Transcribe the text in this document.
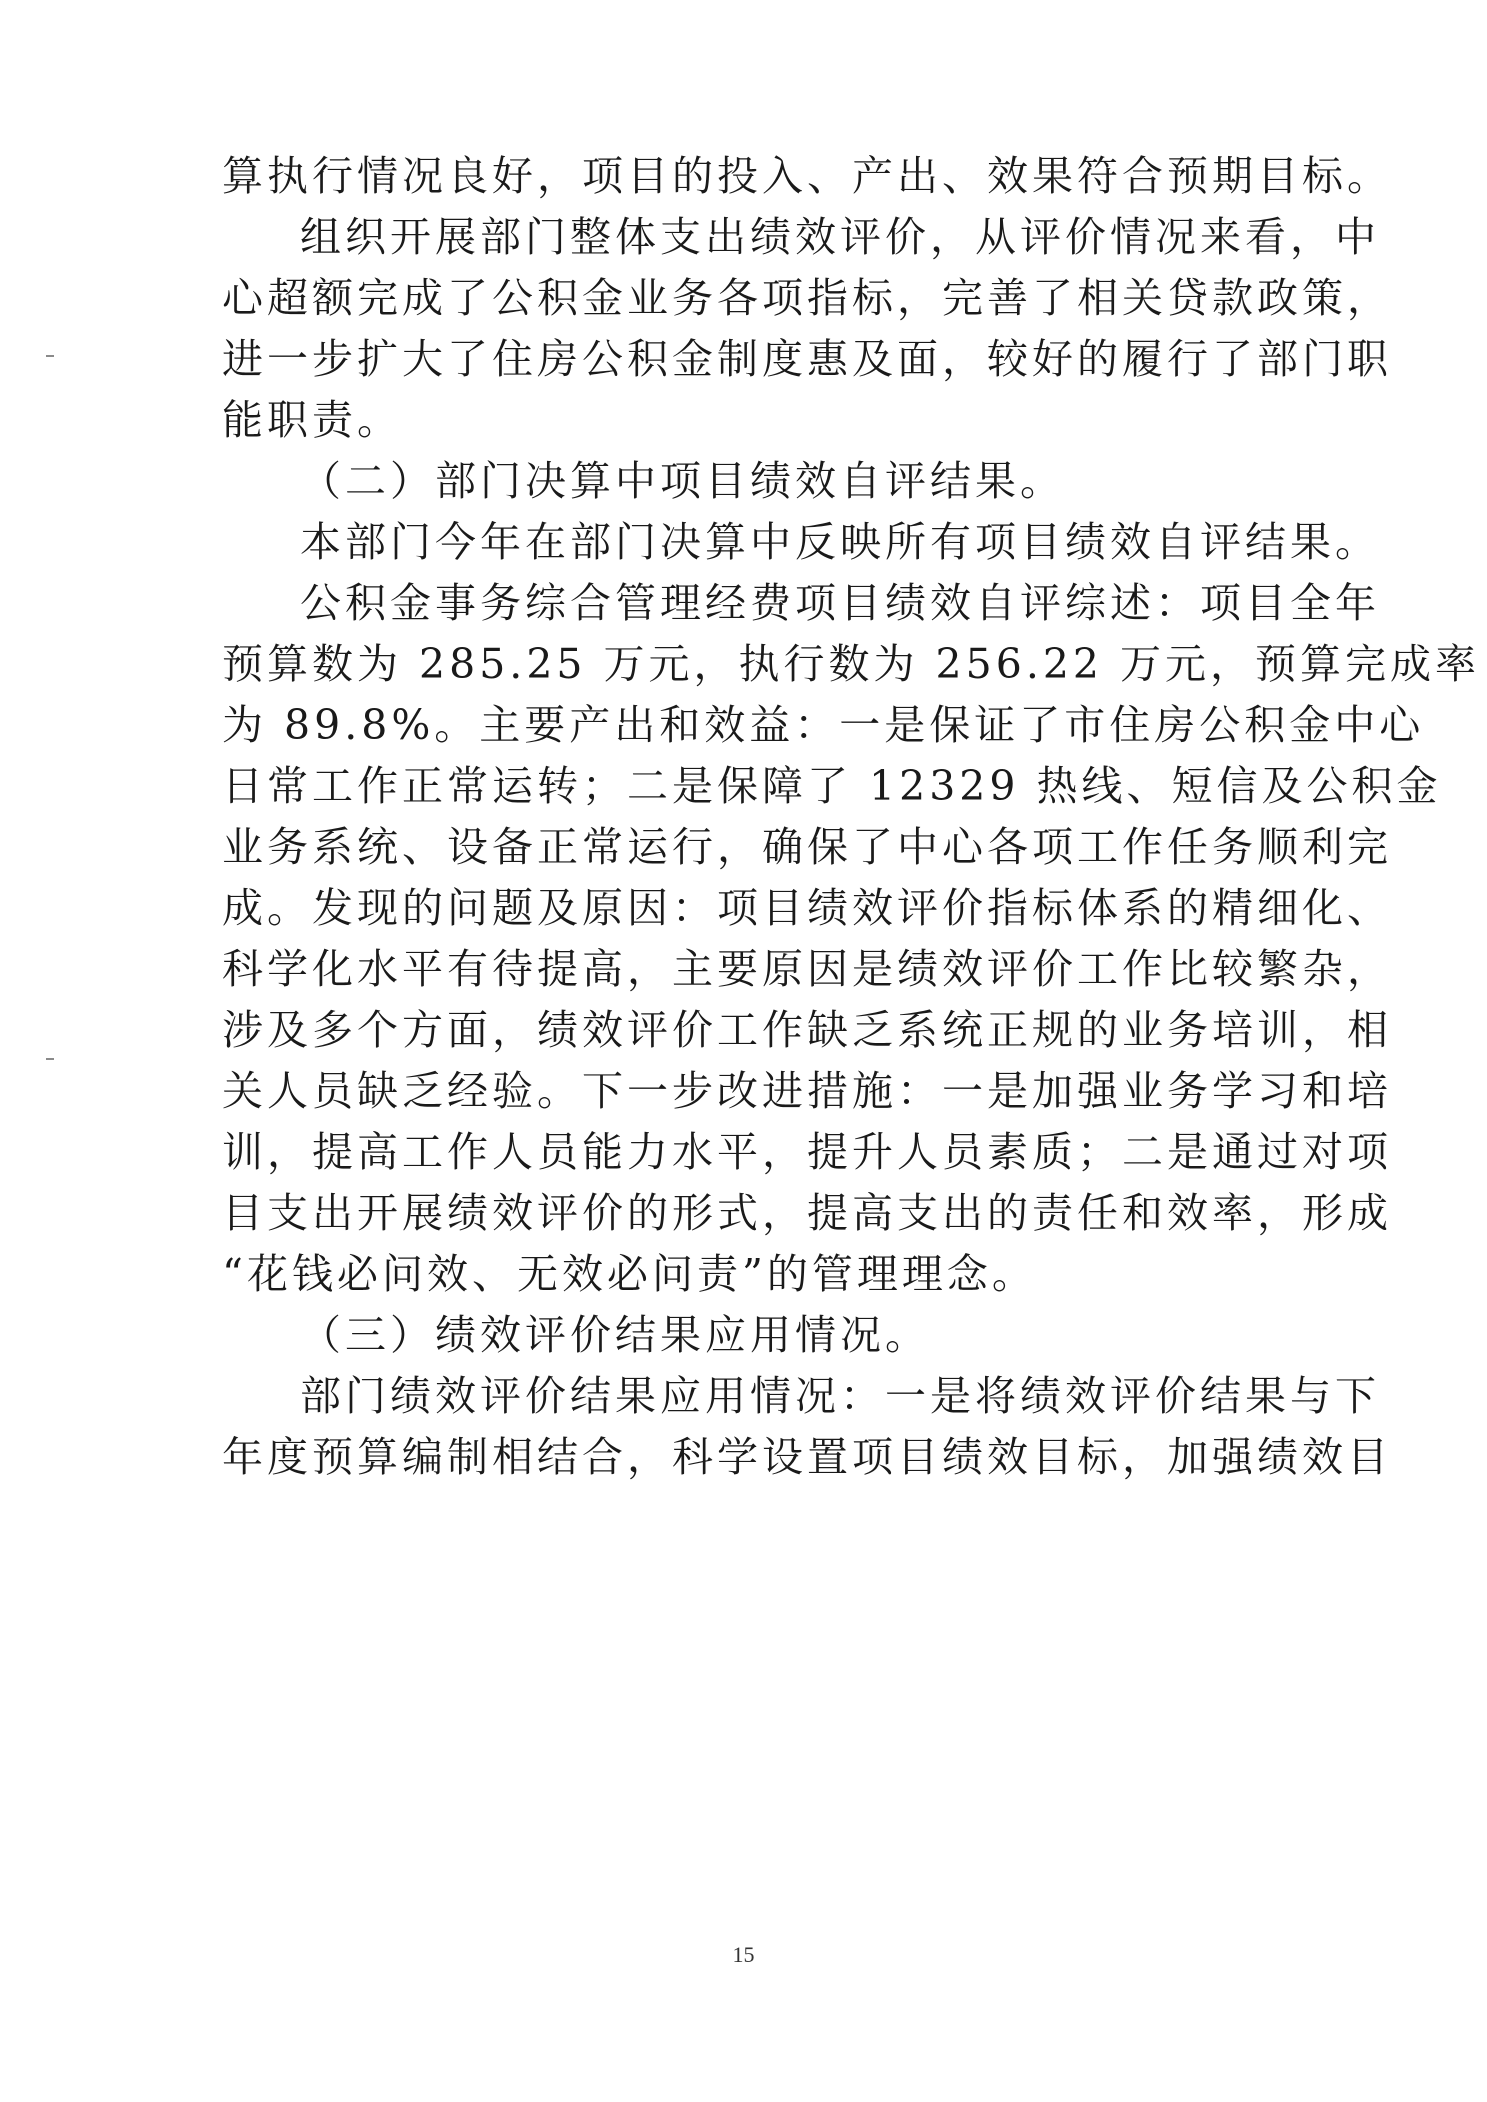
算执行情况良好，项目的投入、产出、效果符合预期目标。
组织开展部门整体支出绩效评价，从评价情况来看，中
心超额完成了公积金业务各项指标，完善了相关贷款政策，
进一步扩大了住房公积金制度惠及面，较好的履行了部门职
能职责。
（二）部门决算中项目绩效自评结果。
本部门今年在部门决算中反映所有项目绩效自评结果。
公积金事务综合管理经费项目绩效自评综述：项目全年
预算数为 285.25 万元，执行数为 256.22 万元，预算完成率
为 89.8%。主要产出和效益：一是保证了市住房公积金中心
日常工作正常运转；二是保障了 12329 热线、短信及公积金
业务系统、设备正常运行，确保了中心各项工作任务顺利完
成。发现的问题及原因：项目绩效评价指标体系的精细化、
科学化水平有待提高，主要原因是绩效评价工作比较繁杂，
涉及多个方面，绩效评价工作缺乏系统正规的业务培训，相
关人员缺乏经验。下一步改进措施：一是加强业务学习和培
训，提高工作人员能力水平，提升人员素质；二是通过对项
目支出开展绩效评价的形式，提高支出的责任和效率，形成
“花钱必问效、无效必问责”的管理理念。
（三）绩效评价结果应用情况。
部门绩效评价结果应用情况：一是将绩效评价结果与下
年度预算编制相结合，科学设置项目绩效目标，加强绩效目
15
